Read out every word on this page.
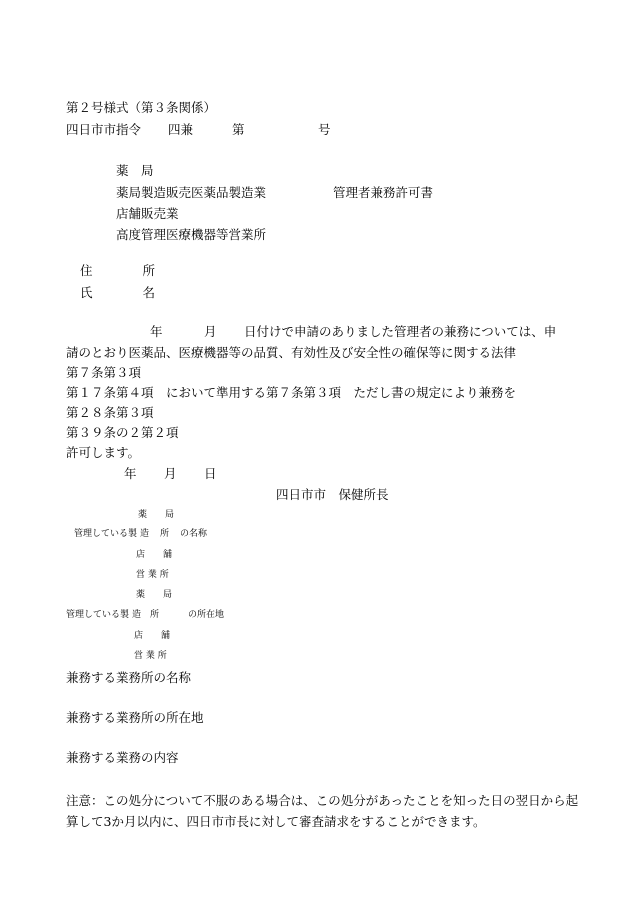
第２号様式（第３条関係）
四日市市指令 四兼	第	号
薬　局
薬局製造販売医薬品製造業
店舗販売業
高度管理医療機器等営業所
管理者兼務許可書
住　　　　所
氏　　　　名
年	月 日付けで申請のありました管理者の兼務については、申
請のとおり医薬品、医療機器等の品質、有効性及び安全性の確保等に関する法律
第７条第３項
第１７条第４項　において準用する第７条第３項　ただし書の規定により兼務を
第２８条第３項
第３９条の２第２項
許可します。
年 月 日
四日市市　保健所長
薬　　局
管理している製 造 所 の名称
店　　舗
営 業 所
薬　　局
管理している製 造 所	の所在地
店　　舗
営 業 所
兼務する業務所の名称
兼務する業務所の所在地
兼務する業務の内容
注意：この処分について不服のある場合は、この処分があったことを知った日の翌日から起
算して3か月以内に、四日市市長に対して審査請求をすることができます。
